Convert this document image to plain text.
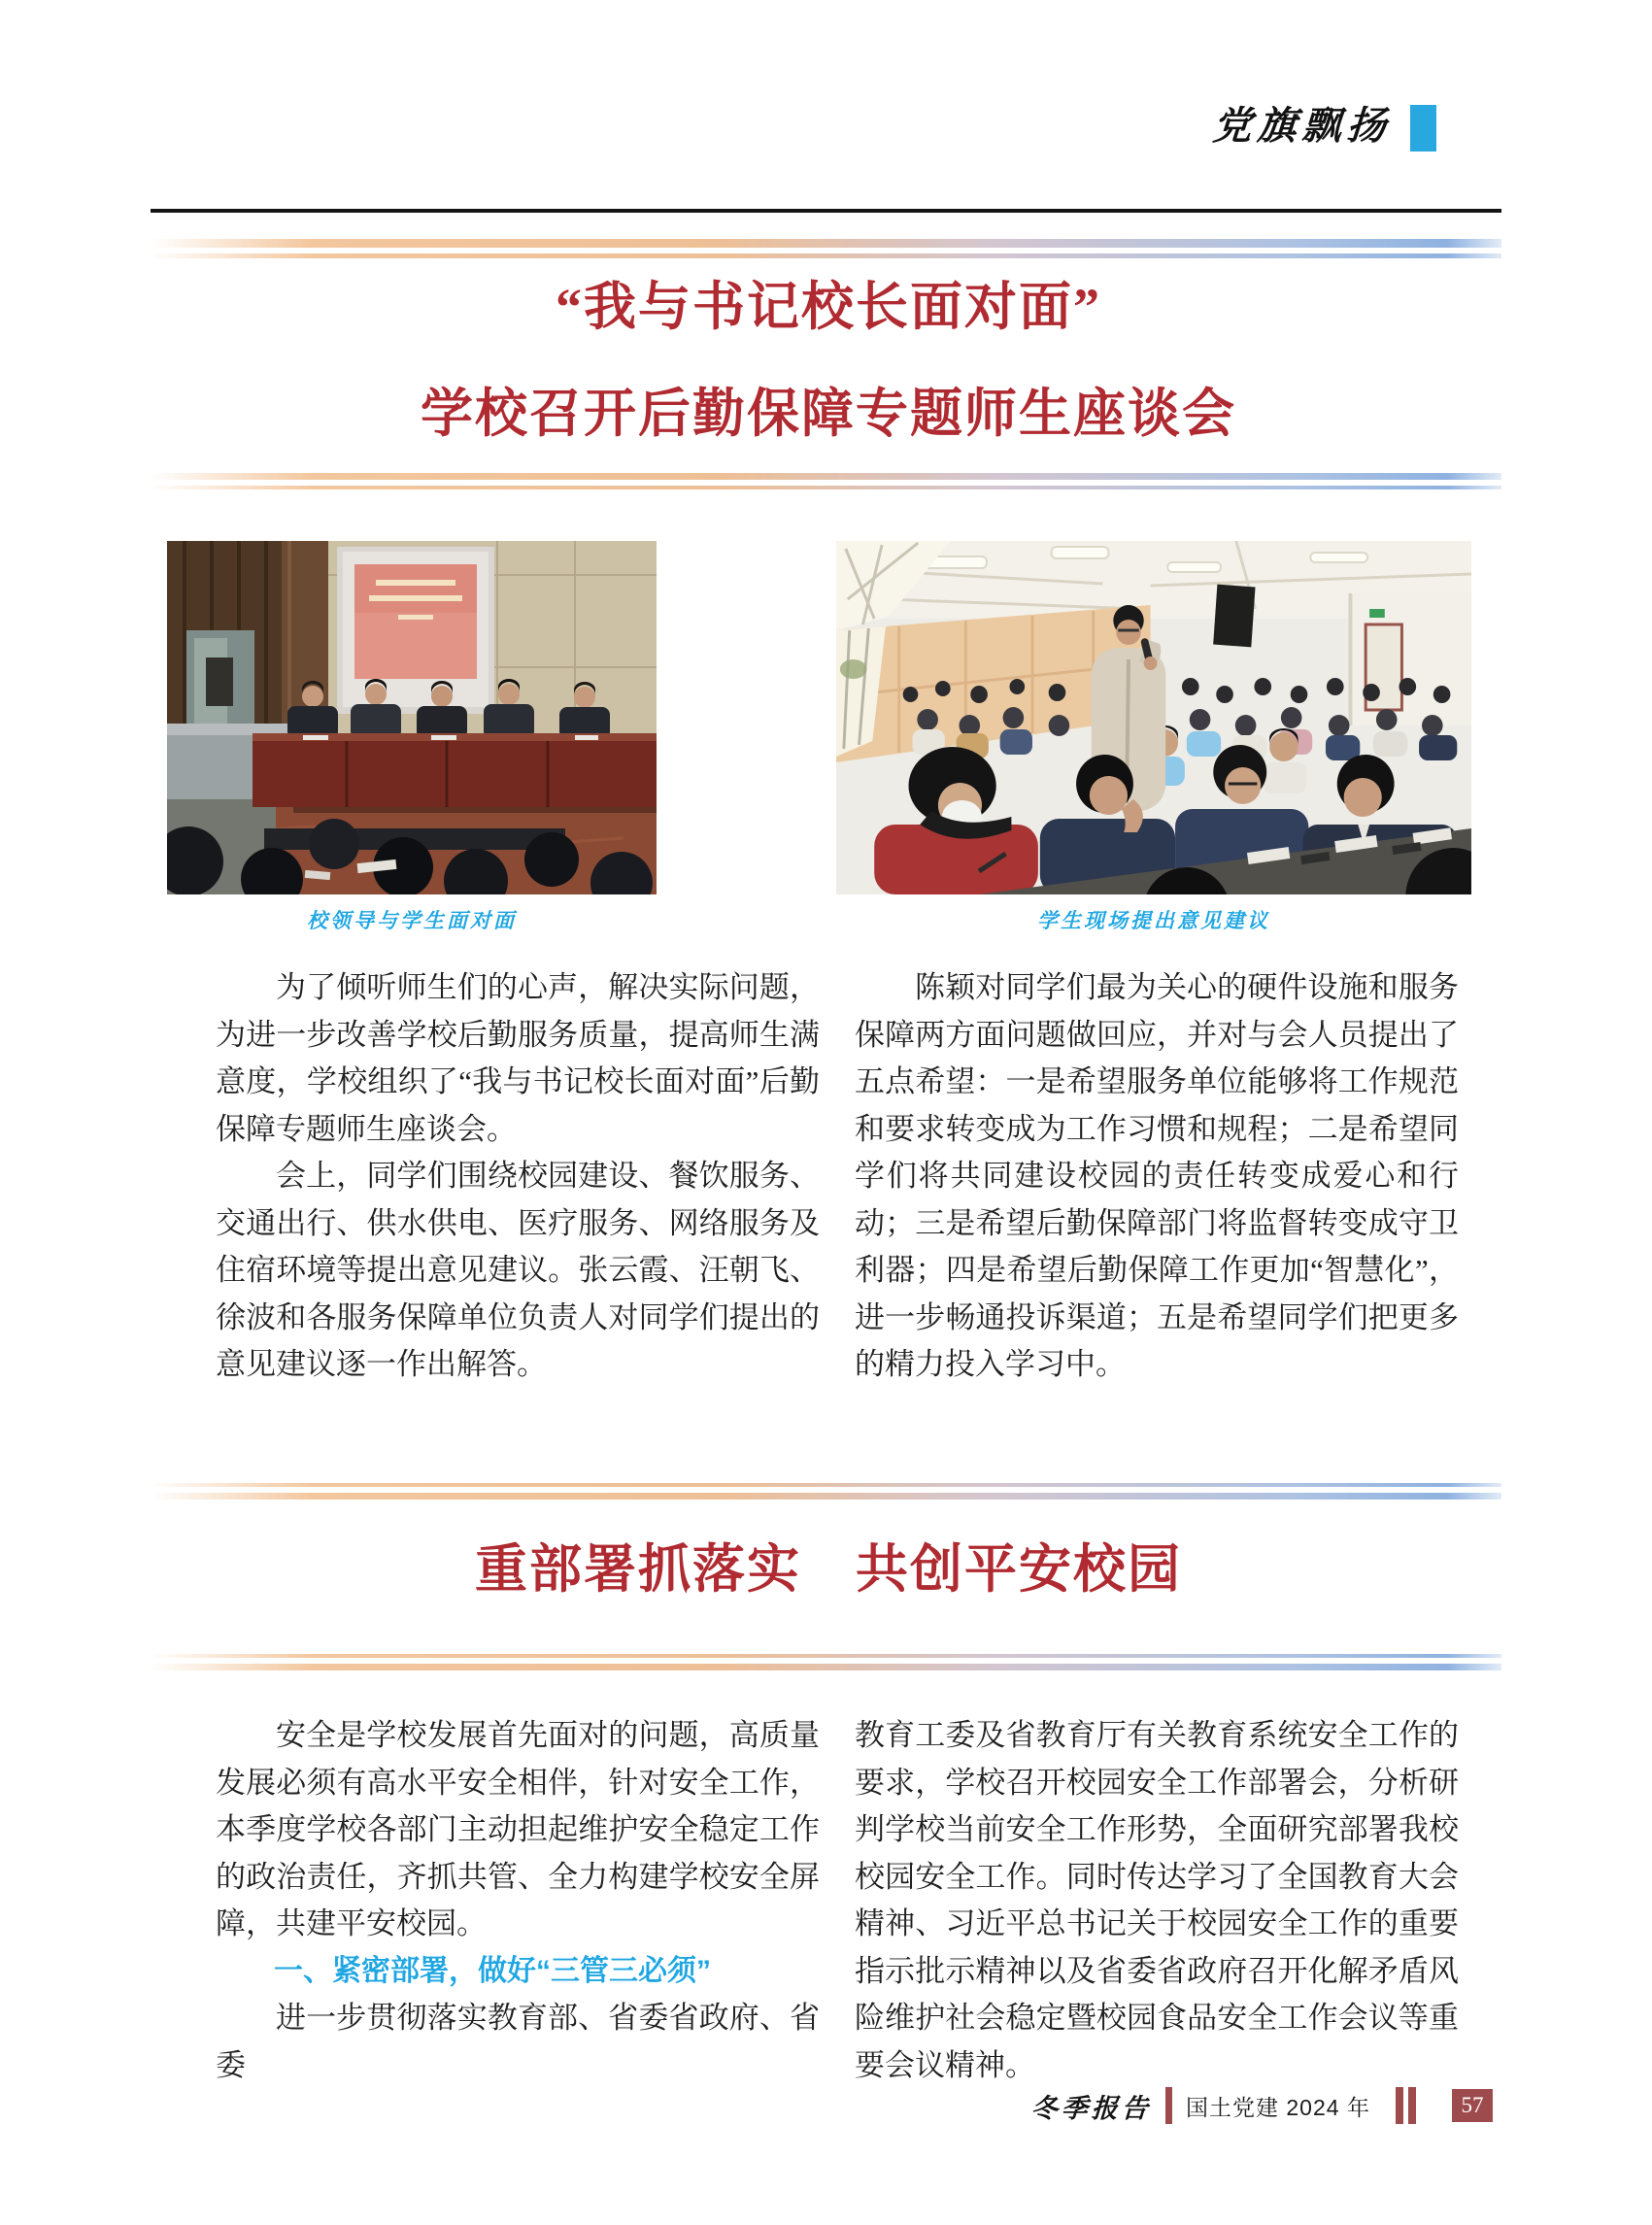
党旗飘扬
“我与书记校长面对面”
学校召开后勤保障专题师生座谈会
校领导与学生面对面	学生现场提出意见建议

为了倾听师生们的心声，解决实际问题，为进一步改善学校后勤服务质量，提高师生满意度，学校组织了“我与书记校长面对面”后勤保障专题师生座谈会。

会上，同学们围绕校园建设、餐饮服务、交通出行、供水供电、医疗服务、网络服务及住宿环境等提出意见建议。张云霞、汪朝飞、徐波和各服务保障单位负责人对同学们提出的意见建议逐一作出解答。

陈颖对同学们最为关心的硬件设施和服务保障两方面问题做回应，并对与会人员提出了五点希望：一是希望服务单位能够将工作规范和要求转变成为工作习惯和规程；二是希望同学们将共同建设校园的责任转变成爱心和行动；三是希望后勤保障部门将监督转变成守卫利器；四是希望后勤保障工作更加“智慧化”，进一步畅通投诉渠道；五是希望同学们把更多的精力投入学习中。

重部署抓落实　共创平安校园

安全是学校发展首先面对的问题，高质量发展必须有高水平安全相伴，针对安全工作，本季度学校各部门主动担起维护安全稳定工作的政治责任，齐抓共管、全力构建学校安全屏障，共建平安校园。

一、紧密部署，做好“三管三必须”

进一步贯彻落实教育部、省委省政府、省委

教育工委及省教育厅有关教育系统安全工作的要求，学校召开校园安全工作部署会，分析研判学校当前安全工作形势，全面研究部署我校校园安全工作。同时传达学习了全国教育大会精神、习近平总书记关于校园安全工作的重要指示批示精神以及省委省政府召开化解矛盾风险维护社会稳定暨校园食品安全工作会议等重要会议精神。

冬季报告 国土党建 2024 年	57
